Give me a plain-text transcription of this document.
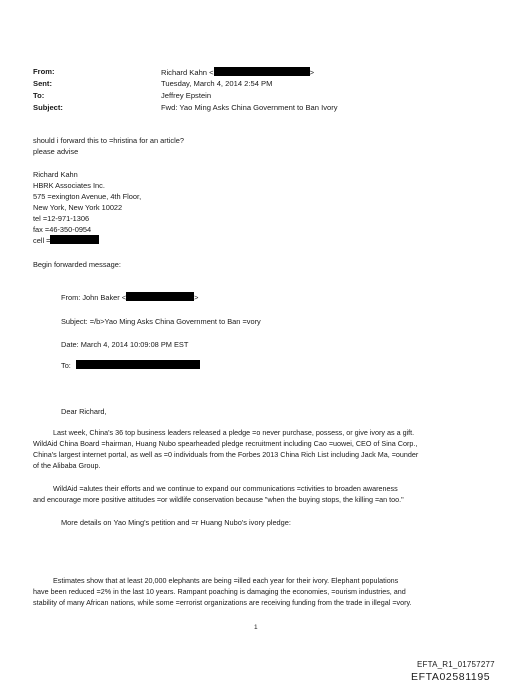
From:
Sent:
To:
Subject:
Richard Kahn <	>
Tuesday, March 4, 2014 2:54 PM
Jeffrey Epstein
Fwd: Yao Ming Asks China Government to Ban Ivory
should i forward this to =hristina for an article?
please advise
Richard Kahn
HBRK Associates Inc.
575 =exington Avenue, 4th Floor,
New York, New York 10022
tel =12-971-1306
fax =46-350-0954
cell =
Begin forwarded message:
From: John Baker <	>
Subject: =/b>Yao Ming Asks China Government to Ban =vory
Date: March 4, 2014 10:09:08 PM EST
To:
Dear Richard,
Last week, China's 36 top business leaders released a pledge =o never purchase, possess, or give ivory as a gift.
WildAid China Board =hairman, Huang Nubo spearheaded pledge recruitment including Cao =uowei, CEO of Sina Corp.,
China's largest internet portal, as well as =0 individuals from the Forbes 2013 China Rich List including Jack Ma, =ounder
of the Alibaba Group.
WildAid =alutes their efforts and we continue to expand our communications =ctivities to broaden awareness
and encourage more positive attitudes =or wildlife conservation because "when the buying stops, the killing =an too."
More details on Yao Ming's petition and =r Huang Nubo's ivory pledge:
Estimates show that at least 20,000 elephants are being =illed each year for their ivory. Elephant populations
have been reduced =2% in the last 10 years. Rampant poaching is damaging the economies, =ourism industries, and
stability of many African nations, while some =errorist organizations are receiving funding from the trade in illegal =vory.
1
EFTA_R1_01757277
EFTA02581195
